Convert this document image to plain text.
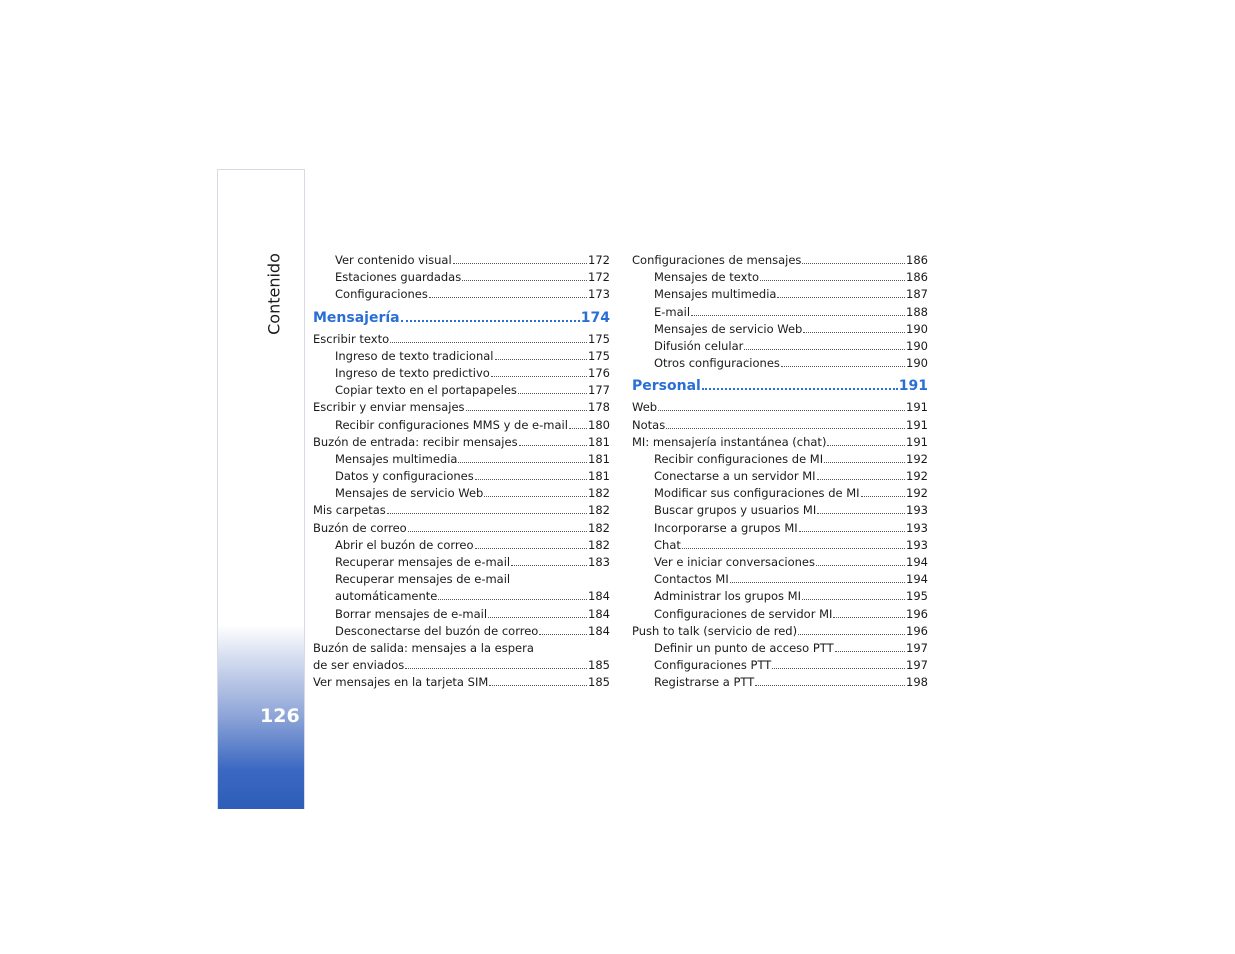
Contenido
126
Ver contenido visual	172
Estaciones guardadas	172
Configuraciones	173
Mensajería	174
Escribir texto	175
Ingreso de texto tradicional	175
Ingreso de texto predictivo	176
Copiar texto en el portapapeles	177
Escribir y enviar mensajes	178
Recibir configuraciones MMS y de e-mail 180
Buzón de entrada: recibir mensajes	181
Mensajes multimedia	181
Datos y configuraciones	181
Mensajes de servicio Web	182
Mis carpetas	182
Buzón de correo	182
Abrir el buzón de correo	182
Recuperar mensajes de e-mail	183
Recuperar mensajes de e-mail
automáticamente	184
Borrar mensajes de e-mail	184
Desconectarse del buzón de correo	184
Buzón de salida: mensajes a la espera
de ser enviados	185
Ver mensajes en la tarjeta SIM	185
Configuraciones de mensajes	186
Mensajes de texto	186
Mensajes multimedia	187
E-mail	188
Mensajes de servicio Web	190
Difusión celular	190
Otros configuraciones	190
Personal	191
Web	191
Notas	191
MI: mensajería instantánea (chat)	191
Recibir configuraciones de MI	192
Conectarse a un servidor MI	192
Modificar sus configuraciones de MI	192
Buscar grupos y usuarios MI	193
Incorporarse a grupos MI	193
Chat	193
Ver e iniciar conversaciones	194
Contactos MI	194
Administrar los grupos MI	195
Configuraciones de servidor MI	196
Push to talk (servicio de red)	196
Definir un punto de acceso PTT	197
Configuraciones PTT	197
Registrarse a PTT	198
